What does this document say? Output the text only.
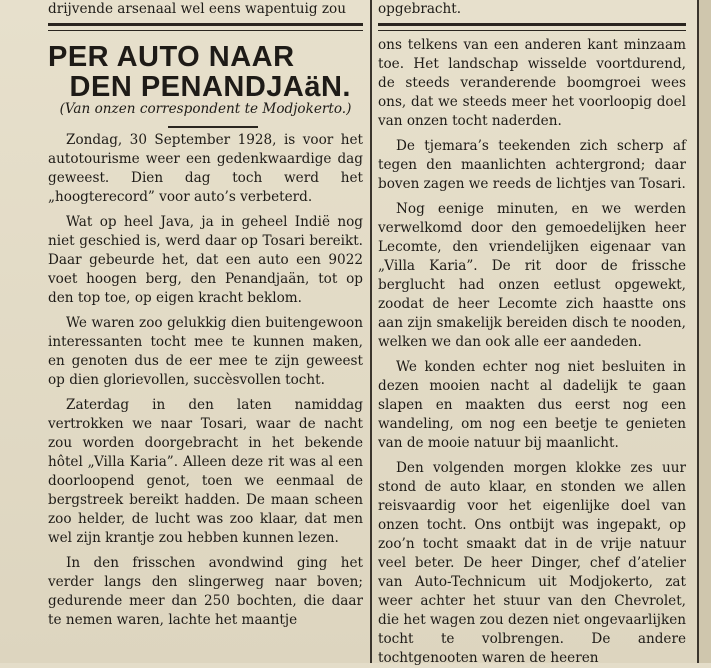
drijvende arsenaal wel eens wapentuig zou
PER AUTO NAAR
DEN PENANDJAäN.
(Van onzen correspondent te Modjokerto.)

Zondag, 30 September 1928, is voor het autotourisme weer een gedenkwaardige dag geweest. Dien dag toch werd het „hoogterecord” voor auto’s verbeterd.

Wat op heel Java, ja in geheel Indië nog niet geschied is, werd daar op Tosari bereikt. Daar gebeurde het, dat een auto een 9022 voet hoogen berg, den Penandjaän, tot op den top toe, op eigen kracht beklom.

We waren zoo gelukkig dien buitengewoon interessanten tocht mee te kunnen maken, en genoten dus de eer mee te zijn geweest op dien glorievollen, succèsvollen tocht.

Zaterdag in den laten namiddag vertrokken we naar Tosari, waar de nacht zou worden doorgebracht in het bekende hôtel „Villa Karia”. Alleen deze rit was al een doorloopend genot, toen we eenmaal de bergstreek bereikt hadden. De maan scheen zoo helder, de lucht was zoo klaar, dat men wel zijn krantje zou hebben kunnen lezen.

In den frisschen avondwind ging het verder langs den slingerweg naar boven; gedurende meer dan 250 bochten, die daar te nemen waren, lachte het maantje

opgebracht.

ons telkens van een anderen kant minzaam toe. Het landschap wisselde voortdurend, de steeds veranderende boomgroei wees ons, dat we steeds meer het voorloopig doel van onzen tocht naderden.

De tjemara’s teekenden zich scherp af tegen den maanlichten achtergrond; daar boven zagen we reeds de lichtjes van Tosari.

Nog eenige minuten, en we werden verwelkomd door den gemoedelijken heer Lecomte, den vriendelijken eigenaar van „Villa Karia”. De rit door de frissche berglucht had onzen eetlust opgewekt, zoodat de heer Lecomte zich haastte ons aan zijn smakelijk bereiden disch te nooden, welken we dan ook alle eer aandeden.

We konden echter nog niet besluiten in dezen mooien nacht al dadelijk te gaan slapen en maakten dus eerst nog een wandeling, om nog een beetje te genieten van de mooie natuur bij maanlicht.

Den volgenden morgen klokke zes uur stond de auto klaar, en stonden we allen reisvaardig voor het eigenlijke doel van onzen tocht. Ons ontbijt was ingepakt, op zoo’n tocht smaakt dat in de vrije natuur veel beter. De heer Dinger, chef d’atelier van Auto-Technicum uit Modjokerto, zat weer achter het stuur van den Chevrolet, die het wagen zou dezen niet ongevaarlijken tocht te volbrengen. De andere tochtgenooten waren de heeren
